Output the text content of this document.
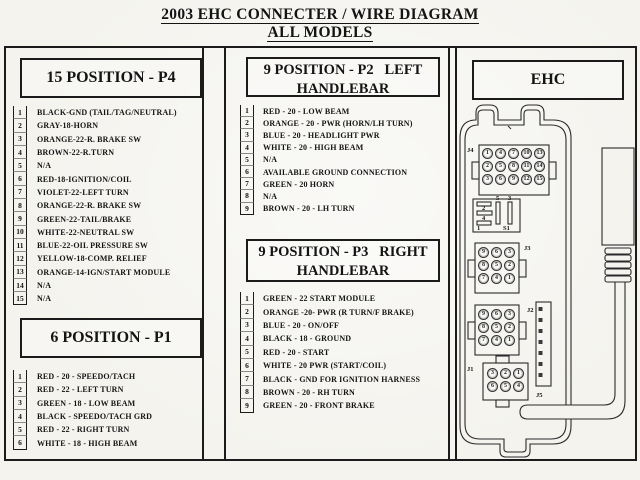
2003 EHC CONNECTER / WIRE DIAGRAM
ALL MODELS
15 POSITION - P4
1	BLACK-GND (TAIL/TAG/NEUTRAL)
2	GRAY-18-HORN
3	ORANGE-22-R. BRAKE SW
4	BROWN-22-R.TURN
5	N/A
6	RED-18-IGNITION/COIL
7	VIOLET-22-LEFT TURN
8	ORANGE-22-R. BRAKE SW
9	GREEN-22-TAIL/BRAKE
10	WHITE-22-NEUTRAL SW
11	BLUE-22-OIL PRESSURE SW
12	YELLOW-18-COMP. RELIEF
13	ORANGE-14-IGN/START MODULE
14	N/A
15	N/A
6 POSITION - P1
1	RED - 20 - SPEEDO/TACH
2	RED - 22 - LEFT TURN
3	GREEN - 18 - LOW BEAM
4	BLACK - SPEEDO/TACH GRD
5	RED - 22 - RIGHT TURN
6	WHITE - 18 - HIGH BEAM
9 POSITION - P2   LEFT
HANDLEBAR
1	RED - 20 - LOW BEAM
2	ORANGE - 20 - PWR (HORN/LH TURN)
3	BLUE - 20 - HEADLIGHT PWR
4	WHITE - 20 - HIGH BEAM
5	N/A
6	AVAILABLE GROUND CONNECTION
7	GREEN - 20 HORN
8	N/A
9	BROWN - 20 - LH TURN
9 POSITION - P3   RIGHT
HANDLEBAR
1	GREEN - 22 START MODULE
2	ORANGE -20- PWR (R TURN/F BRAKE)
3	BLUE - 20 - ON/OFF
4	BLACK - 18 - GROUND
5	RED - 20 - START
6	WHITE - 20 PWR (START/COIL)
7	BLACK - GND FOR IGNITION HARNESS
8	BROWN - 20 - RH TURN
9	GREEN - 20 - FRONT BRAKE
EHC
J4
2
4
1
5 3
S1
J3
J2
J5
J1
1	4	7	10	13
2	5	8	11	14
3	6	9	12	15
9	6	3
8	5	2
7	4	1
9	6	3
8	5	2
7	4	1
3	2	1
6	5	4
